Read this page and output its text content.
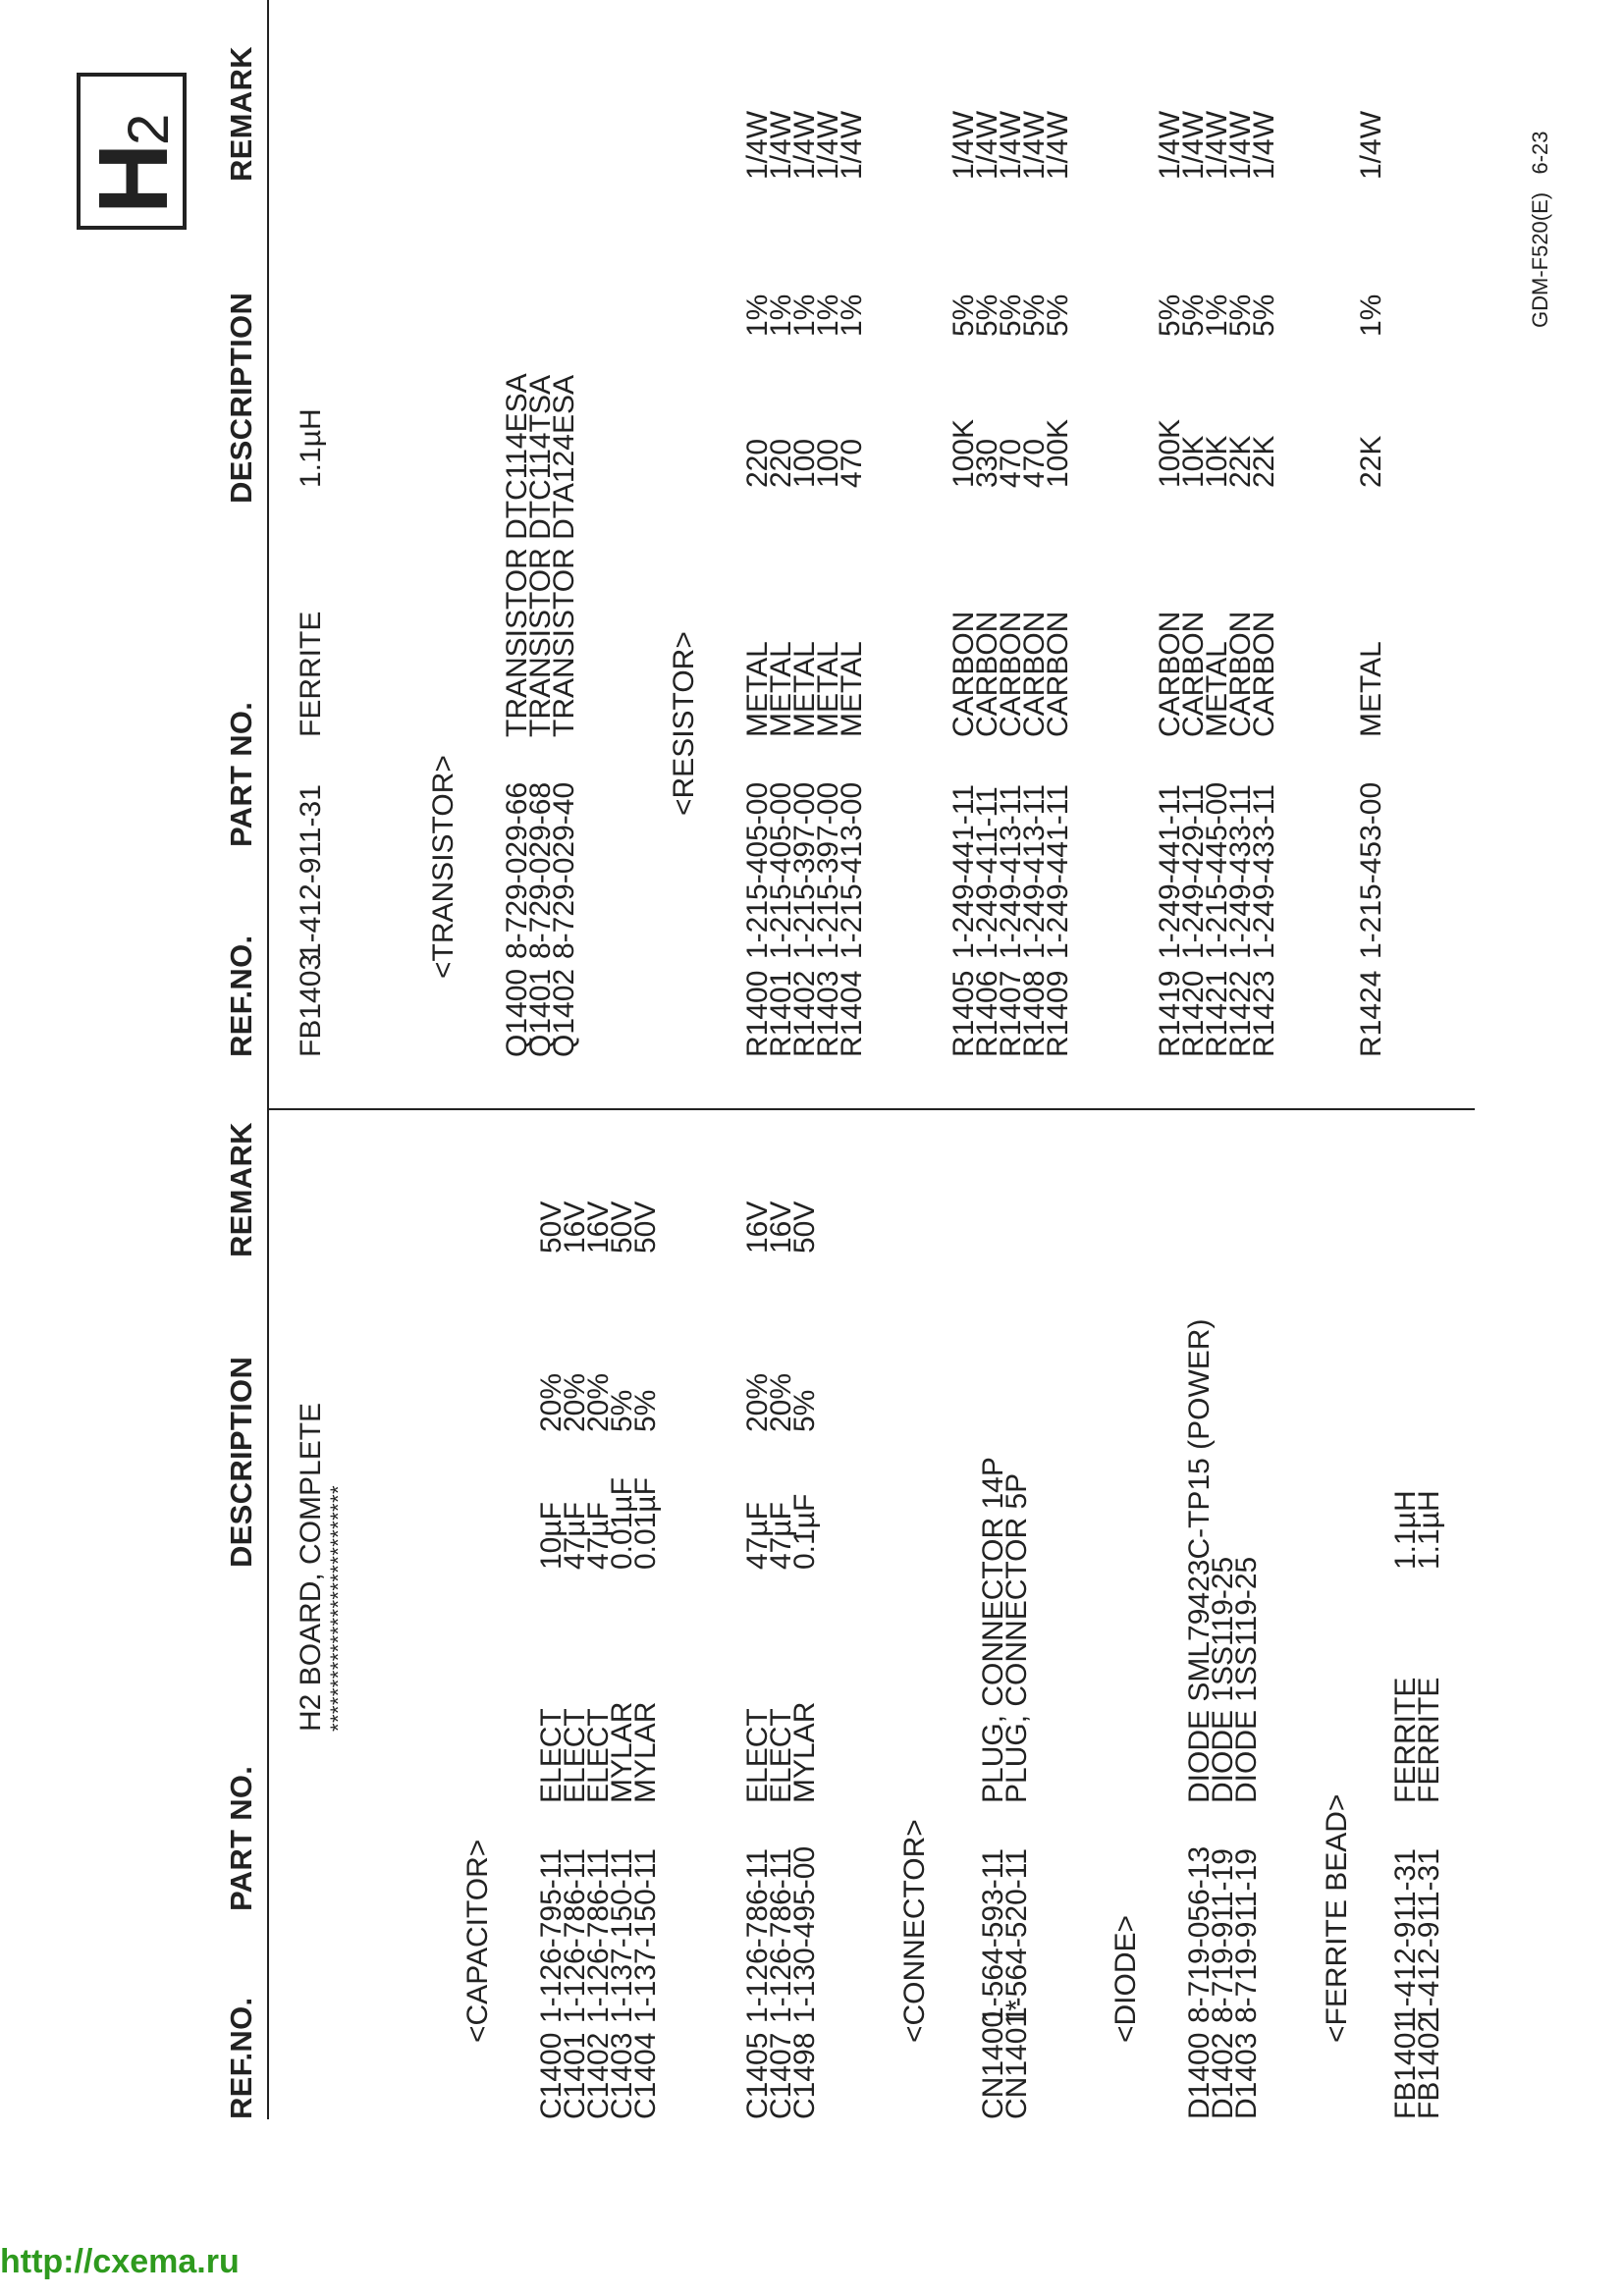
REF.NO.
PART NO.
DESCRIPTION
REMARK
REF.NO.
PART NO.
DESCRIPTION
REMARK
H2 BOARD, COMPLETE ****************************
<CAPACITOR>
C1400
1-126-795-11
ELECT
10µF
20%
50V
C1401
1-126-786-11
ELECT
47µF
20%
16V
C1402
1-126-786-11
ELECT
47µF
20%
16V
C1403
1-137-150-11
MYLAR
0.01µF
5%
50V
C1404
1-137-150-11
MYLAR
0.01µF
5%
50V
C1405
1-126-786-11
ELECT
47µF
20%
16V
C1407
1-126-786-11
ELECT
47µF
20%
16V
C1498
1-130-495-00
MYLAR
0.1µF
5%
50V
<CONNECTOR>
CN1400
1-564-593-11
PLUG, CONNECTOR 14P
CN1401*
1-564-520-11
PLUG, CONNECTOR 5P
<DIODE>
D1400
8-719-056-13
DIODE SML79423C-TP15 (POWER)
D1402
8-719-911-19
DIODE 1SS119-25
D1403
8-719-911-19
DIODE 1SS119-25
<FERRITE BEAD>
FB1401
1-412-911-31
FERRITE
1.1µH
FB1402
1-412-911-31
FERRITE
1.1µH
FB1403
1-412-911-31
FERRITE
1.1µH
<TRANSISTOR>
Q1400
8-729-029-66
TRANSISTOR DTC114ESA
Q1401
8-729-029-68
TRANSISTOR DTC114TSA
Q1402
8-729-029-40
TRANSISTOR DTA124ESA	<RESISTOR>
R1400
1-215-405-00
METAL
220
1%
1/4W
R1401
1-215-405-00
METAL
220
1%
1/4W
R1402
1-215-397-00
METAL
100
1%
1/4W
R1403
1-215-397-00
METAL
100
1%
1/4W
R1404
1-215-413-00
METAL
470
1%
1/4W
R1405
1-249-441-11
CARBON
100K
5%
1/4W
R1406
1-249-411-11
CARBON
330
5%
1/4W
R1407
1-249-413-11
CARBON
470
5%
1/4W
R1408
1-249-413-11
CARBON
470
5%
1/4W
R1409
1-249-441-11
CARBON
100K
5%
1/4W
R1419
1-249-441-11
CARBON
100K
5%
1/4W
R1420
1-249-429-11
CARBON
10K
5%
1/4W
R1421
1-215-445-00
METAL
10K
1%
1/4W
R1422
1-249-433-11
CARBON
22K
5%
1/4W
R1423
1-249-433-11
CARBON
22K
5%
1/4W
R1424
1-215-453-00
METAL
22K
1%
1/4W
H
2
GDM-F520(E)   6-23
http://cxema.ru
